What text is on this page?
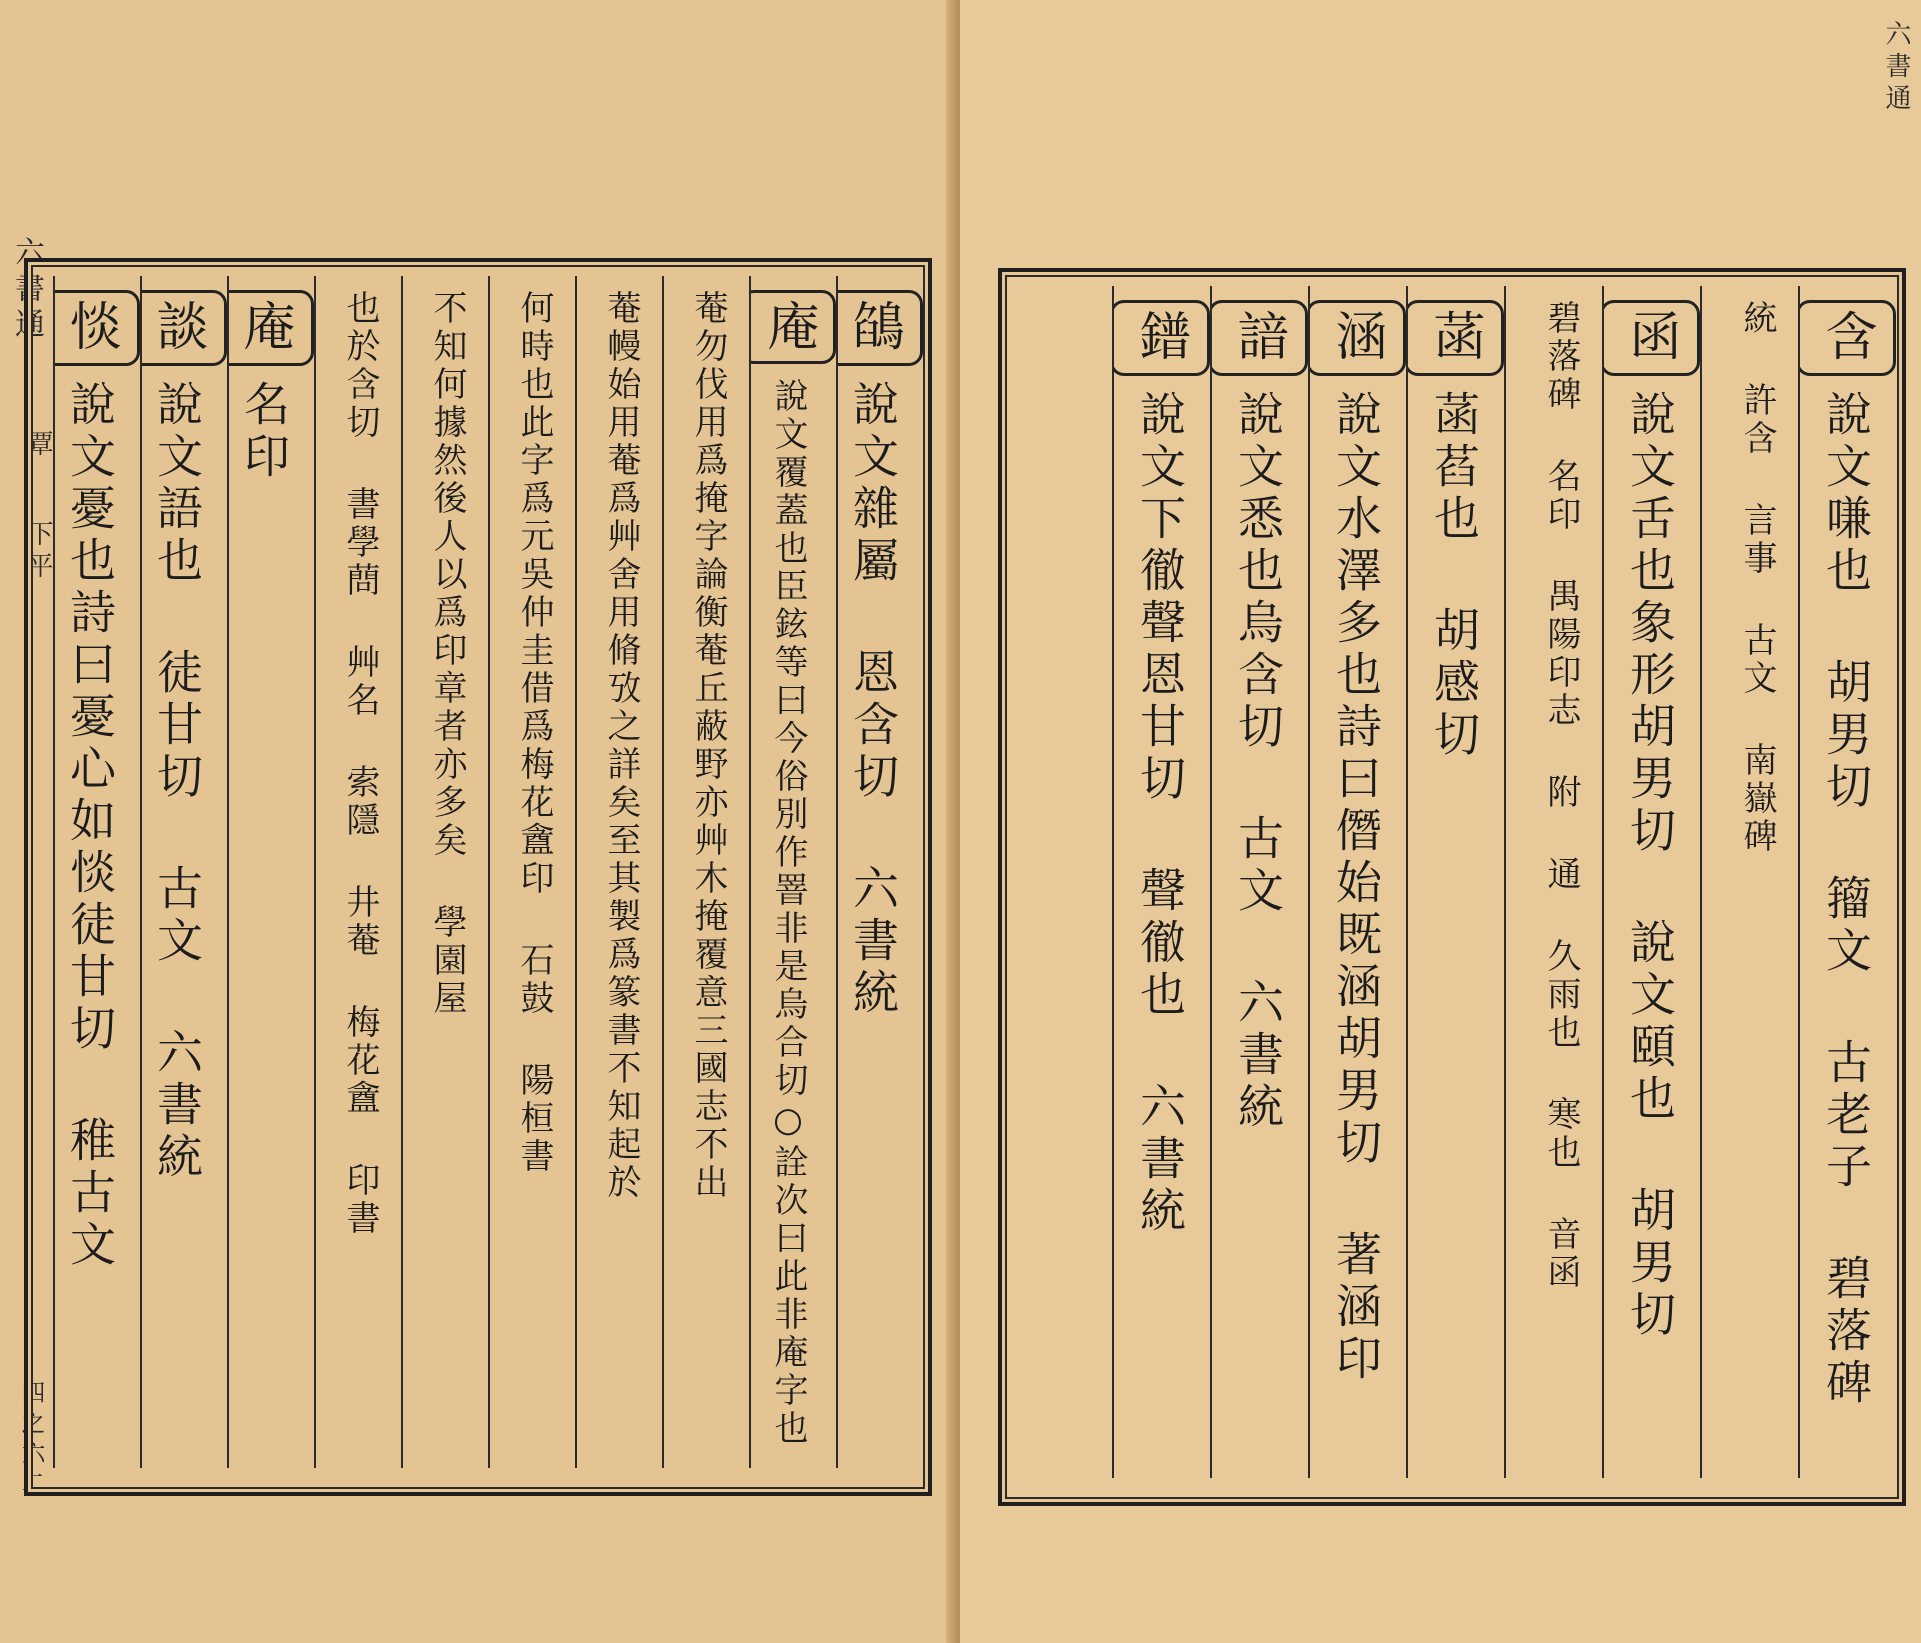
六書通
覃
下平
四之六二
鵮說文雜屬 恩含切 六書統
庵說文覆蓋也臣鉉等曰今俗別作罯非是烏合切○詮次曰此非庵字也
菴勿伐用爲掩字論衡菴丘蔽野亦艸木掩覆意三國志不出
菴幔始用菴爲艸舍用脩攷之詳矣至其製爲篆書不知起於
何時也此字爲元吳仲圭借爲梅花盦印 石鼓 陽桓書
不知何據然後人以爲印章者亦多矣 學園屋
也於含切 書學蔄 艸名 索隱 井菴 梅花盦 印書
庵名印
談說文語也 徒甘切 古文 六書統
惔說文憂也詩曰憂心如惔徒甘切 稚古文
六書通
含說文嗛也 胡男切 籀文 古老子 碧落碑
統 許含 言事 古文 南嶽碑
函說文舌也象形胡男切 說文頤也 胡男切
碧落碑 名印 禺陽印志 附 通 久雨也 寒也 音函
菡菡萏也 胡感切
涵說文水澤多也詩曰僭始既涵胡男切 著涵印
諳說文悉也烏含切 古文 六書統
鐠說文下徹聲恩甘切 聲徹也 六書統
